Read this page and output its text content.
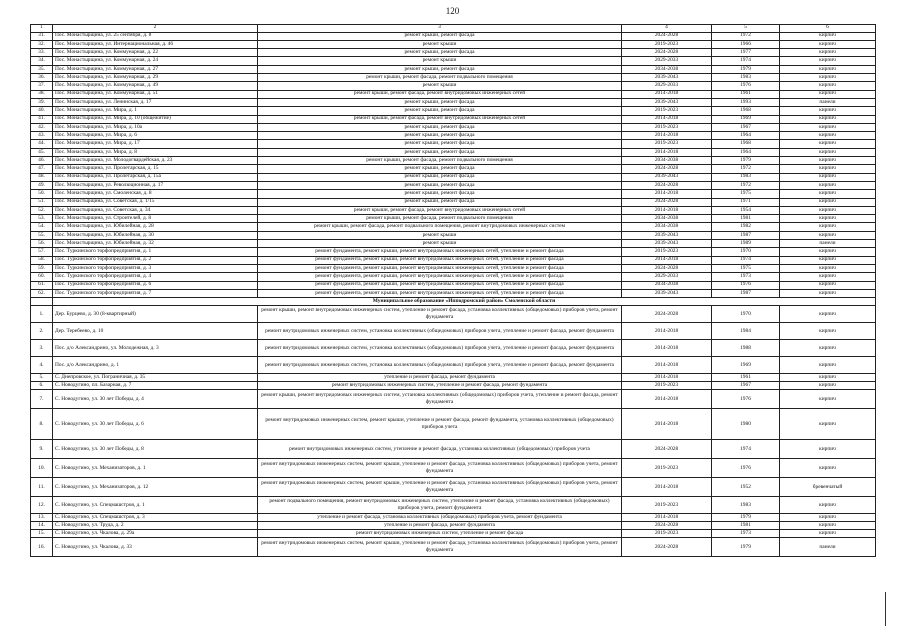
120
1	2	3	4	5	6
31.	Пос. Монастырщина, ул. 25 сентября, д. 8	ремонт крыши, ремонт фасада	2024-2028	1972	кирпич
32.	Пос. Монастырщина, ул. Интернациональная, д. 46	ремонт крыши	2019-2023	1966	кирпич
33.	Пос. Монастырщина, ул. Коммунарная, д. 22	ремонт крыши, ремонт фасада	2024-2028	1977	кирпич
34.	Пос. Монастырщина, ул. Коммунарная, д. 24	ремонт крыши	2029-2033	1974	кирпич
35.	Пос. Монастырщина, ул. Коммунарная, д. 27	ремонт крыши, ремонт фасада	2034-2038	1979	кирпич
36.	Пос. Монастырщина, ул. Коммунарная, д. 29	ремонт крыши, ремонт фасада, ремонт подвального помещения	2039-2043	1983	кирпич
37.	Пос. Монастырщина, ул. Коммунарная, д. 49	ремонт крыши	2029-2033	1976	кирпич
38.	Пос. Монастырщина, ул. Коммунарная, д. 51	ремонт крыши, ремонт фасада, ремонт внутридомовых инженерных сетей	2014-2018	1961	кирпич
39.	Пос. Монастырщина, ул. Ленинская, д. 17	ремонт крыши, ремонт фасада	2039-2043	1993	панели
40.	Пос. Монастырщина, ул. Мира, д. 1	ремонт крыши, ремонт фасада	2019-2023	1968	кирпич
41.	Пос. Монастырщина, ул. Мира, д. 10 (общежитие)	ремонт крыши, ремонт фасада, ремонт внутридомовых инженерных сетей	2014-2018	1969	кирпич
42.	Пос. Монастырщина, ул. Мира, д. 10а	ремонт крыши, ремонт фасада	2019-2023	1967	кирпич
43.	Пос. Монастырщина, ул. Мира, д. 6	ремонт крыши, ремонт фасада	2014-2018	1964	кирпич
44.	Пос. Монастырщина, ул. Мира, д. 17	ремонт крыши, ремонт фасада	2019-2023	1968	кирпич
45.	Пос. Монастырщина, ул. Мира, д. 8	ремонт крыши, ремонт фасада	2014-2018	1964	кирпич
46.	Пос. Монастырщина, ул. Молодогвардейская, д. 23	ремонт крыши, ремонт фасада, ремонт подвального помещения	2034-2038	1979	кирпич
47.	Пос. Монастырщина, ул. Пролетарская, д. 15	ремонт крыши, ремонт фасада	2024-2028	1972	кирпич
48.	Пос. Монастырщина, ул. Пролетарская, д. 15а	ремонт крыши, ремонт фасада	2039-2043	1983	кирпич
49.	Пос. Монастырщина, ул. Революционная, д. 17	ремонт крыши, ремонт фасада	2024-2028	1972	кирпич
50.	Пос. Монастырщина, ул. Смоленская, д. 8	ремонт крыши, ремонт фасада	2014-2018	1975	кирпич
51.	Пос. Монастырщина, ул. Советская, д. 1/15	ремонт крыши, ремонт фасада	2024-2028	1971	кирпич
52.	Пос. Монастырщина, ул. Советская, д. 34	ремонт крыши, ремонт фасада, ремонт внутридомовых инженерных сетей	2014-2018	1954	кирпич
53.	Пос. Монастырщина, ул. Строителей, д. 8	ремонт крыши, ремонт фасада, ремонт подвального помещения	2034-2038	1981	кирпич
54.	Пос. Монастырщина, ул. Юбилейная, д. 28	ремонт крыши, ремонт фасада, ремонт подвального помещения, ремонт внутридомовых инженерных систем	2034-2038	1982	кирпич
55.	Пос. Монастырщина, ул. Юбилейная, д. 30	ремонт крыши	2039-2043	1987	кирпич
56.	Пос. Монастырщина, ул. Юбилейная, д. 32	ремонт крыши	2039-2043	1989	панели
57.	Пос. Туркинского торфопредприятия, д. 1	ремонт фундамента, ремонт крыши, ремонт внутридомовых инженерных сетей, утепление и ремонт фасада	2019-2023	1970	кирпич
58.	Пос. Туркинского торфопредприятия, д. 2	ремонт фундамента, ремонт крыши, ремонт внутридомовых инженерных сетей, утепление и ремонт фасада	2014-2018	1974	кирпич
59.	Пос. Туркинского торфопредприятия, д. 3	ремонт фундамента, ремонт крыши, ремонт внутридомовых инженерных сетей, утепление и ремонт фасада	2024-2028	1975	кирпич
60.	Пос. Туркинского торфопредприятия, д. 4	ремонт фундамента, ремонт крыши, ремонт внутридомовых инженерных сетей, утепление и ремонт фасада	2029-2033	1973	кирпич
61.	Пос. Туркинского торфопредприятия, д. 6	ремонт фундамента, ремонт крыши, ремонт внутридомовых инженерных сетей, утепление и ремонт фасада	2034-2038	1976	кирпич
62.	Пос. Туркинского торфопредприятия, д. 7	ремонт фундамента, ремонт крыши, ремонт внутридомовых инженерных сетей, утепление и ремонт фасада	2039-2043	1987	кирпич
	Муниципальное образование «Ипподромский район» Смоленской области				
1.	Дер. Бурцево, д. 30 (8-квартирный)	ремонт крыши, ремонт внутридомовых инженерных систем, утепление и ремонт фасада, установка коллективных (общедомовых) приборов учета, ремонт фундамента	2024-2028	1970	кирпич
2.	Дер. Теребеево, д. 10	ремонт внутридомовых инженерных систем, установка коллективных (общедомовых) приборов учета, утепление и ремонт фасада, ремонт фундамента	2014-2018	1984	кирпич
3.	Пос. д/о Александрино, ул. Молодежная, д. 3	ремонт внутридомовых инженерных систем, установка коллективных (общедомовых) приборов учета, утепление и ремонт фасада, ремонт фундамента	2014-2018	1988	кирпич
4.	Пос. д/о Александрино, д. 1	ремонт внутридомовых инженерных систем, установка коллективных (общедомовых) приборов учета, утепление и ремонт фасада, ремонт фундамента	2014-2018	1969	кирпич
5.	С. Днепровское, ул. Пограничная, д. 35	утепление и ремонт фасада, ремонт фундамента	2014-2018	1961	кирпич
6.	С. Новодугино, пл. Базарная, д. 7	ремонт внутридомовых инженерных систем, утепление и ремонт фасада, ремонт фундамента	2019-2023	1967	кирпич
7.	С. Новодугино, ул. 30 лет Победы, д. 4	ремонт крыши, ремонт внутридомовых инженерных систем, установка коллективных (общедомовых) приборов учета, утепление и ремонт фасада, ремонт фундамента	2014-2018	1976	кирпич
8.	С. Новодугино, ул. 30 лет Победы, д. 6	ремонт внутридомовых инженерных систем, ремонт крыши, утепление и ремонт фасада, ремонт фундамента, установка коллективных (общедомовых) приборов учета	2014-2018	1980	кирпич
9.	С. Новодугино, ул. 30 лет Победы, д. 8	ремонт внутридомовых инженерных систем, утепление и ремонт фасада, установка коллективных (общедомовых) приборов учета	2024-2028	1974	кирпич
10.	С. Новодугино, ул. Механизаторов, д. 1	ремонт внутридомовых инженерных систем, ремонт крыши, утепление и ремонт фасада, установка коллективных (общедомовых) приборов учета, ремонт фундамента	2019-2023	1976	кирпич
11.	С. Новодугино, ул. Механизаторов, д. 12	ремонт внутридомовых инженерных систем, ремонт крыши, утепление и ремонт фасада, установка коллективных (общедомовых) приборов учета, ремонт фундамента	2014-2018	1952	бревенчатый
12.	С. Новодугино, ул. Спецмашстроя, д. 1	ремонт подвального помещения, ремонт внутридомовых инженерных систем, утепление и ремонт фасада, установка коллективных (общедомовых) приборов учета, ремонт фундамента	2019-2023	1983	кирпич
13.	С. Новодугино, ул. Спецмашстроя, д. 3	утепление и ремонт фасада, установка коллективных (общедомовых) приборов учета, ремонт фундамента	2014-2018	1979	кирпич
14.	С. Новодугино, ул. Труда, д. 2	утепление и ремонт фасада, ремонт фундамента	2024-2028	1981	кирпич
15.	С. Новодугино, ул. Чкалова, д. 29а	ремонт внутридомовых инженерных систем, утепление и ремонт фасада	2019-2023	1973	кирпич
16.	С. Новодугино, ул. Чкалова, д. 33	ремонт внутридомовых инженерных систем, ремонт крыши, утепление и ремонт фасада, установка коллективных (общедомовых) приборов учета, ремонт фундамента	2024-2028	1979	панели
